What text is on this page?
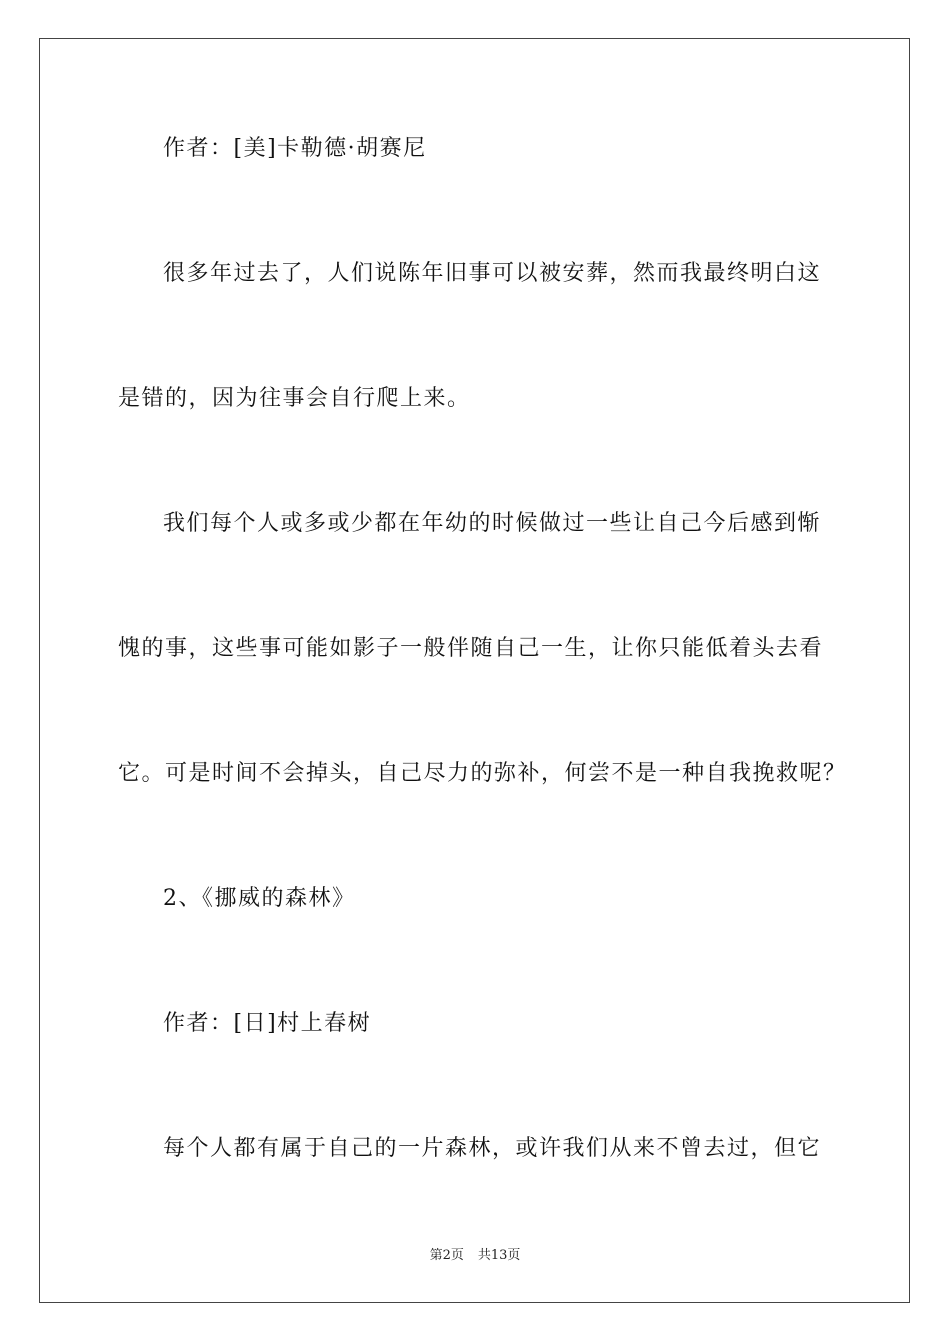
作者：[美]卡勒德·胡赛尼
很多年过去了，人们说陈年旧事可以被安葬，然而我最终明白这
是错的，因为往事会自行爬上来。
我们每个人或多或少都在年幼的时候做过一些让自己今后感到惭
愧的事，这些事可能如影子一般伴随自己一生，让你只能低着头去看
它。可是时间不会掉头，自己尽力的弥补，何尝不是一种自我挽救呢？
2、《挪威的森林》
作者：[日]村上春树
每个人都有属于自己的一片森林，或许我们从来不曾去过，但它
第2页 共13页
